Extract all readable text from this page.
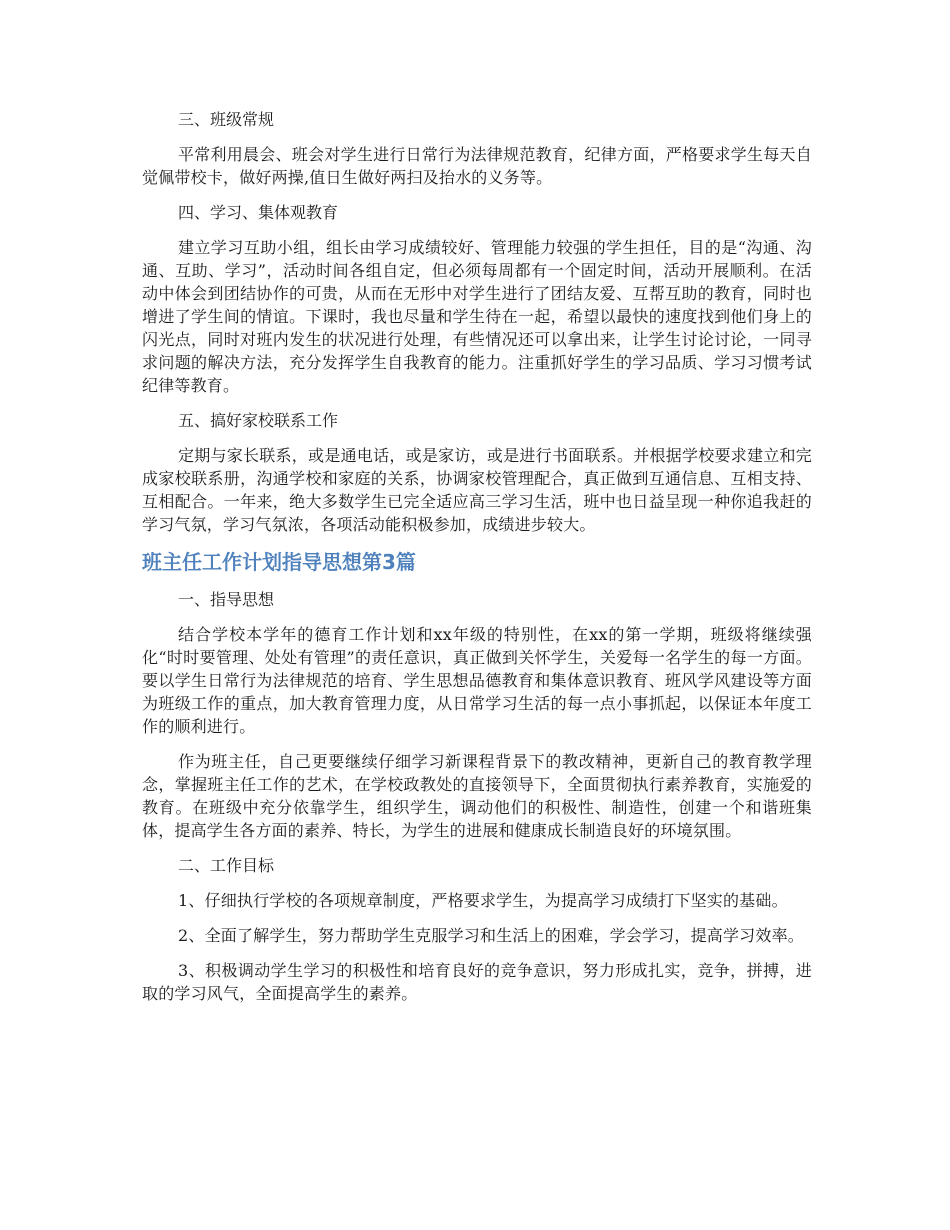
三、班级常规

平常利用晨会、班会对学生进行日常行为法律规范教育，纪律方面，严格要求学生每天自觉佩带校卡，做好两操,值日生做好两扫及抬水的义务等。

四、学习、集体观教育

建立学习互助小组，组长由学习成绩较好、管理能力较强的学生担任，目的是“沟通、沟通、互助、学习”，活动时间各组自定，但必须每周都有一个固定时间，活动开展顺利。在活动中体会到团结协作的可贵，从而在无形中对学生进行了团结友爱、互帮互助的教育，同时也增进了学生间的情谊。下课时，我也尽量和学生待在一起，希望以最快的速度找到他们身上的闪光点，同时对班内发生的状况进行处理，有些情况还可以拿出来，让学生讨论讨论，一同寻求问题的解决方法，充分发挥学生自我教育的能力。注重抓好学生的学习品质、学习习惯考试纪律等教育。

五、搞好家校联系工作

定期与家长联系，或是通电话，或是家访，或是进行书面联系。并根据学校要求建立和完成家校联系册，沟通学校和家庭的关系，协调家校管理配合，真正做到互通信息、互相支持、互相配合。一年来，绝大多数学生已完全适应高三学习生活，班中也日益呈现一种你追我赶的学习气氛，学习气氛浓，各项活动能积极参加，成绩进步较大。

班主任工作计划指导思想第3篇

一、指导思想

结合学校本学年的德育工作计划和xx年级的特别性，在xx的第一学期，班级将继续强化“时时要管理、处处有管理”的责任意识，真正做到关怀学生，关爱每一名学生的每一方面。要以学生日常行为法律规范的培育、学生思想品德教育和集体意识教育、班风学风建设等方面为班级工作的重点，加大教育管理力度，从日常学习生活的每一点小事抓起，以保证本年度工作的顺利进行。

作为班主任，自己更要继续仔细学习新课程背景下的教改精神，更新自己的教育教学理念，掌握班主任工作的艺术，在学校政教处的直接领导下，全面贯彻执行素养教育，实施爱的教育。在班级中充分依靠学生，组织学生，调动他们的积极性、制造性，创建一个和谐班集体，提高学生各方面的素养、特长，为学生的进展和健康成长制造良好的环境氛围。

二、工作目标

1、仔细执行学校的各项规章制度，严格要求学生，为提高学习成绩打下坚实的基础。

2、全面了解学生，努力帮助学生克服学习和生活上的困难，学会学习，提高学习效率。

3、积极调动学生学习的积极性和培育良好的竞争意识，努力形成扎实，竞争，拼搏，进取的学习风气，全面提高学生的素养。
